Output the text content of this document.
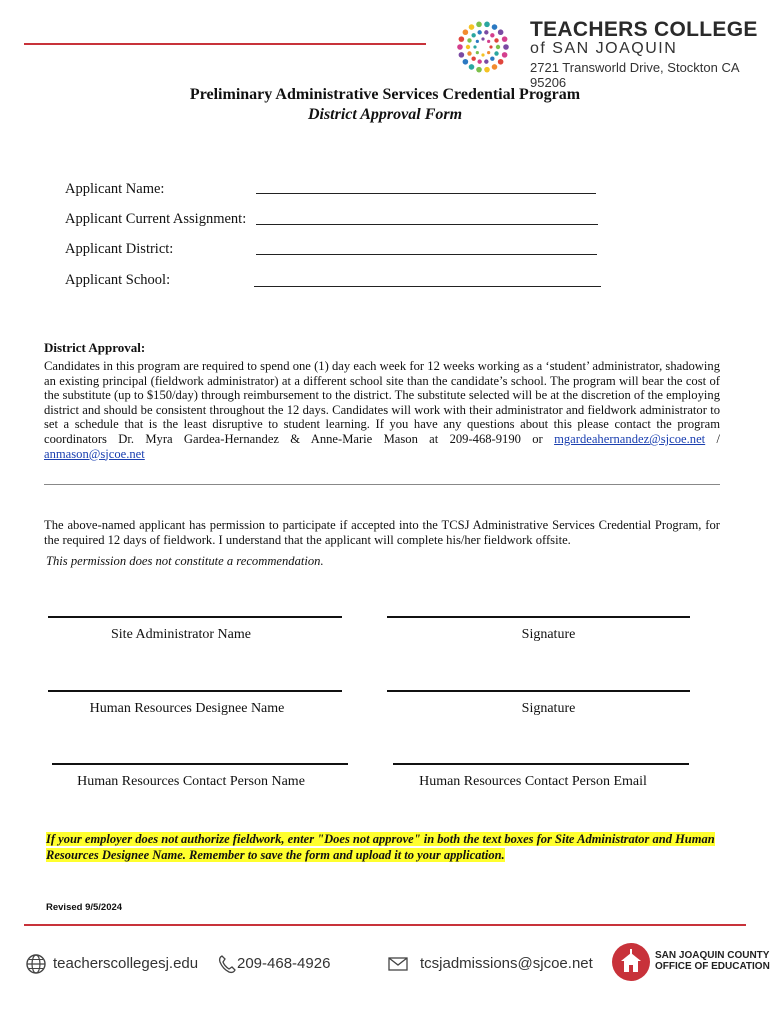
TEACHERS COLLEGE
of SAN JOAQUIN
2721 Transworld Drive, Stockton CA 95206
Preliminary Administrative Services Credential Program
District Approval Form
Applicant Name:
Applicant Current Assignment:
Applicant District:
Applicant School:
District Approval:
Candidates in this program are required to spend one (1) day each week for 12 weeks working as a ‘student’ administrator, shadowing an existing principal (fieldwork administrator) at a different school site than the candidate’s school. The program will bear the cost of the substitute (up to $150/day) through reimbursement to the district. The substitute selected will be at the discretion of the employing district and should be consistent throughout the 12 days. Candidates will work with their administrator and fieldwork administrator to set a schedule that is the least disruptive to student learning. If you have any questions about this please contact the program coordinators Dr. Myra Gardea-Hernandez & Anne-Marie Mason at 209-468-9190 or mgardeahernandez@sjcoe.net / anmason@sjcoe.net
The above-named applicant has permission to participate if accepted into the TCSJ Administrative Services Credential Program, for the required 12 days of fieldwork. I understand that the applicant will complete his/her fieldwork offsite.
This permission does not constitute a recommendation.
Site Administrator Name	Signature
Human Resources Designee Name	Signature
Human Resources Contact Person Name	Human Resources Contact Person Email
If your employer does not authorize fieldwork, enter "Does not approve" in both the text boxes for Site Administrator and Human Resources Designee Name. Remember to save the form and upload it to your application.
Revised 9/5/2024
teacherscollegesj.edu	209-468-4926	tcsjadmissions@sjcoe.net	SAN JOAQUIN COUNTY
OFFICE OF EDUCATION
